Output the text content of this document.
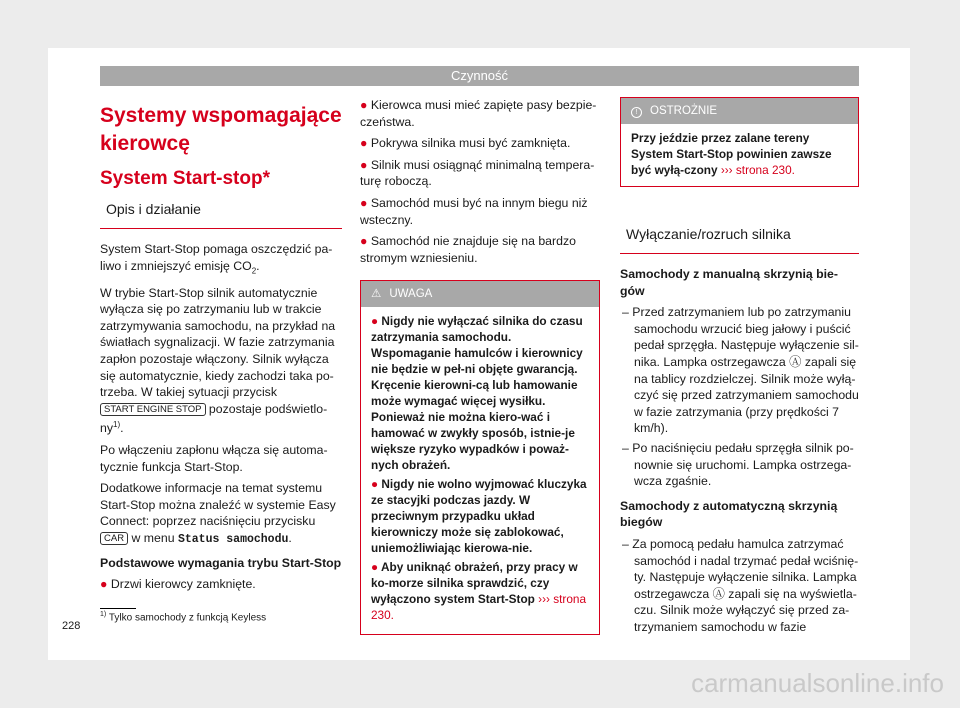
Czynność
Systemy wspomagające kierowcę
System Start-stop*
Opis i działanie

System Start-Stop pomaga oszczędzić pa-liwo i zmniejszyć emisję $CO_2$.

W trybie Start-Stop silnik automatycznie wyłącza się po zatrzymaniu lub w trakcie zatrzymywania samochodu, na przykład na światłach sygnalizacji. W fazie zatrzymania zapłon pozostaje włączony. Silnik wyłącza się automatycznie, kiedy zachodzi taka po-trzeba. W takiej sytuacji przycisk
START ENGINE STOP pozostaje podświetlo-$ny^{1)}$.

Po włączeniu zapłonu włącza się automa-tycznie funkcja Start-Stop.

Dodatkowe informacje na temat systemu Start-Stop można znaleźć w systemie Easy Connect: poprzez naciśnięciu przycisku CAR w menu Status samochodu.

Podstawowe wymagania trybu Start-Stop

● Drzwi kierowcy zamknięte.
● Kierowca musi mieć zapięte pasy bezpie-czeństwa.
● Pokrywa silnika musi być zamknięta.
● Silnik musi osiągnąć minimalną tempera-turę roboczą.
● Samochód musi być na innym biegu niż wsteczny.
● Samochód nie znajduje się na bardzo stromym wzniesieniu.
⚠ UWAGA
● Nigdy nie wyłączać silnika do czasu zatrzymania samochodu. Wspomaganie hamulców i kierownicy nie będzie w peł-ni objęte gwarancją. Kręcenie kierowni-cą lub hamowanie może wymagać więcej wysiłku. Ponieważ nie można kiero-wać i hamować w zwykły sposób, istnie-je większe ryzyko wypadków i poważ-nych obrażeń.
● Nigdy nie wolno wyjmować kluczyka ze stacyjki podczas jazdy. W przeciwnym przypadku układ kierowniczy może się zablokować, uniemożliwiając kierowa-nie.
● Aby uniknąć obrażeń, przy pracy w ko-morze silnika sprawdzić, czy wyłączono system Start-Stop ››› strona 230.
! OSTROŻNIE
Przy jeździe przez zalane tereny System Start-Stop powinien zawsze być wyłą-czony ››› strona 230.
Wyłączanie/rozruch silnika

Samochody z manualną skrzynią bie-gów

– Przed zatrzymaniem lub po zatrzymaniu samochodu wrzucić bieg jałowy i puścić pedał sprzęgła. Następuje wyłączenie sil-nika. Lampka ostrzegawcza Ⓐ zapali się na tablicy rozdzielczej. Silnik może wyłą-czyć się przed zatrzymaniem samochodu w fazie zatrzymania (przy prędkości 7 km/h).
– Po naciśnięciu pedału sprzęgła silnik po-nownie się uruchomi. Lampka ostrzega-wcza zgaśnie.

Samochody z automatyczną skrzynią biegów

– Za pomocą pedału hamulca zatrzymać samochód i nadal trzymać pedał wciśnię-ty. Następuje wyłączenie silnika. Lampka ostrzegawcza Ⓐ zapali się na wyświetla-czu. Silnik może wyłączyć się przed za-trzymaniem samochodu w fazie
$^{1)}$ Tylko samochody z funkcją Keyless
228
carmanualsonline.info
